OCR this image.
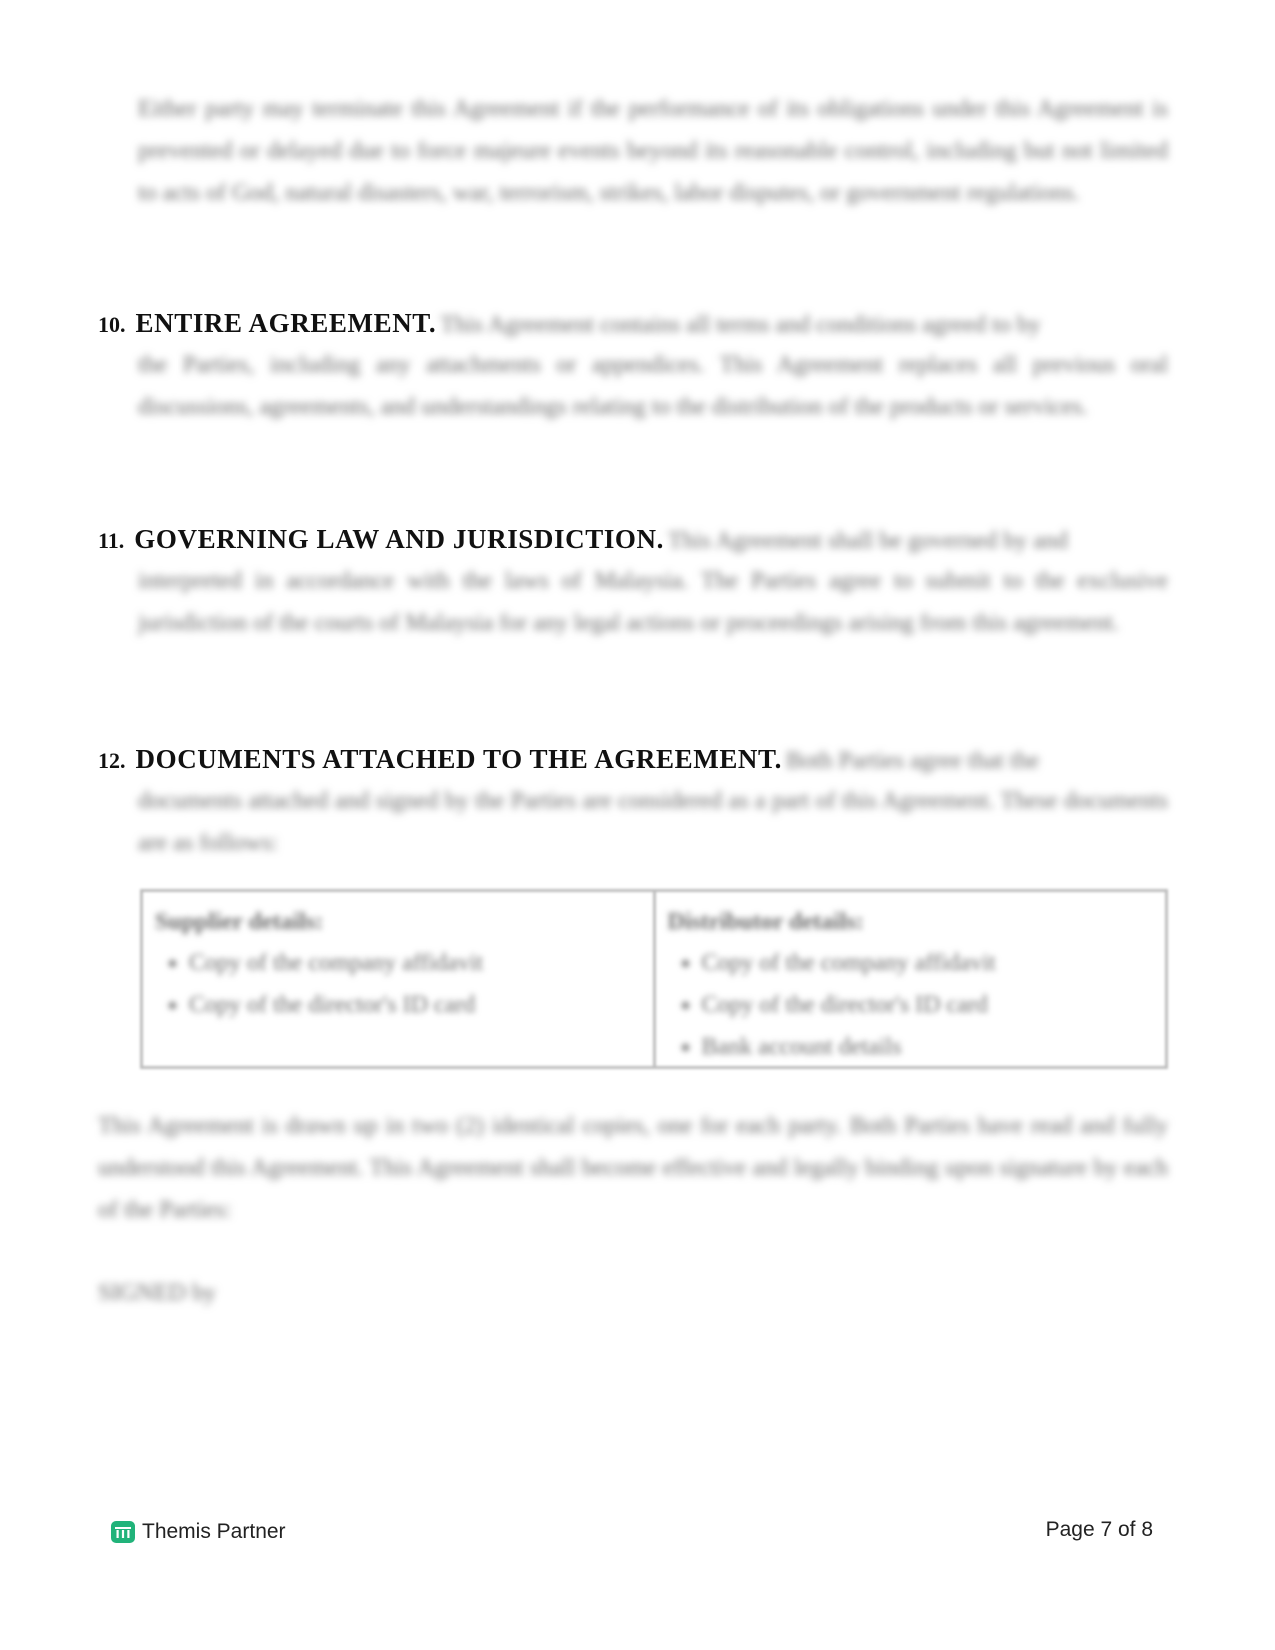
Either party may terminate this Agreement if the performance of its obligations under this Agreement is prevented or delayed due to force majeure events beyond its reasonable control, including but not limited to acts of God, natural disasters, war, terrorism, strikes, labor disputes, or government regulations.
10. ENTIRE AGREEMENT. This Agreement contains all terms and conditions agreed to by
the Parties, including any attachments or appendices. This Agreement replaces all previous oral discussions, agreements, and understandings relating to the distribution of the products or services.
11. GOVERNING LAW AND JURISDICTION. This Agreement shall be governed by and
interpreted in accordance with the laws of Malaysia. The Parties agree to submit to the exclusive jurisdiction of the courts of Malaysia for any legal actions or proceedings arising from this agreement.
12. DOCUMENTS ATTACHED TO THE AGREEMENT. Both Parties agree that the
documents attached and signed by the Parties are considered as a part of this Agreement. These documents are as follows:
Supplier details:
• Copy of the company affidavit
• Copy of the director's ID card
Distributor details:
• Copy of the company affidavit
• Copy of the director's ID card
• Bank account details
This Agreement is drawn up in two (2) identical copies, one for each party. Both Parties have read and fully understood this Agreement. This Agreement shall become effective and legally binding upon signature by each of the Parties:
SIGNED by
Themis Partner	Page 7 of 8
